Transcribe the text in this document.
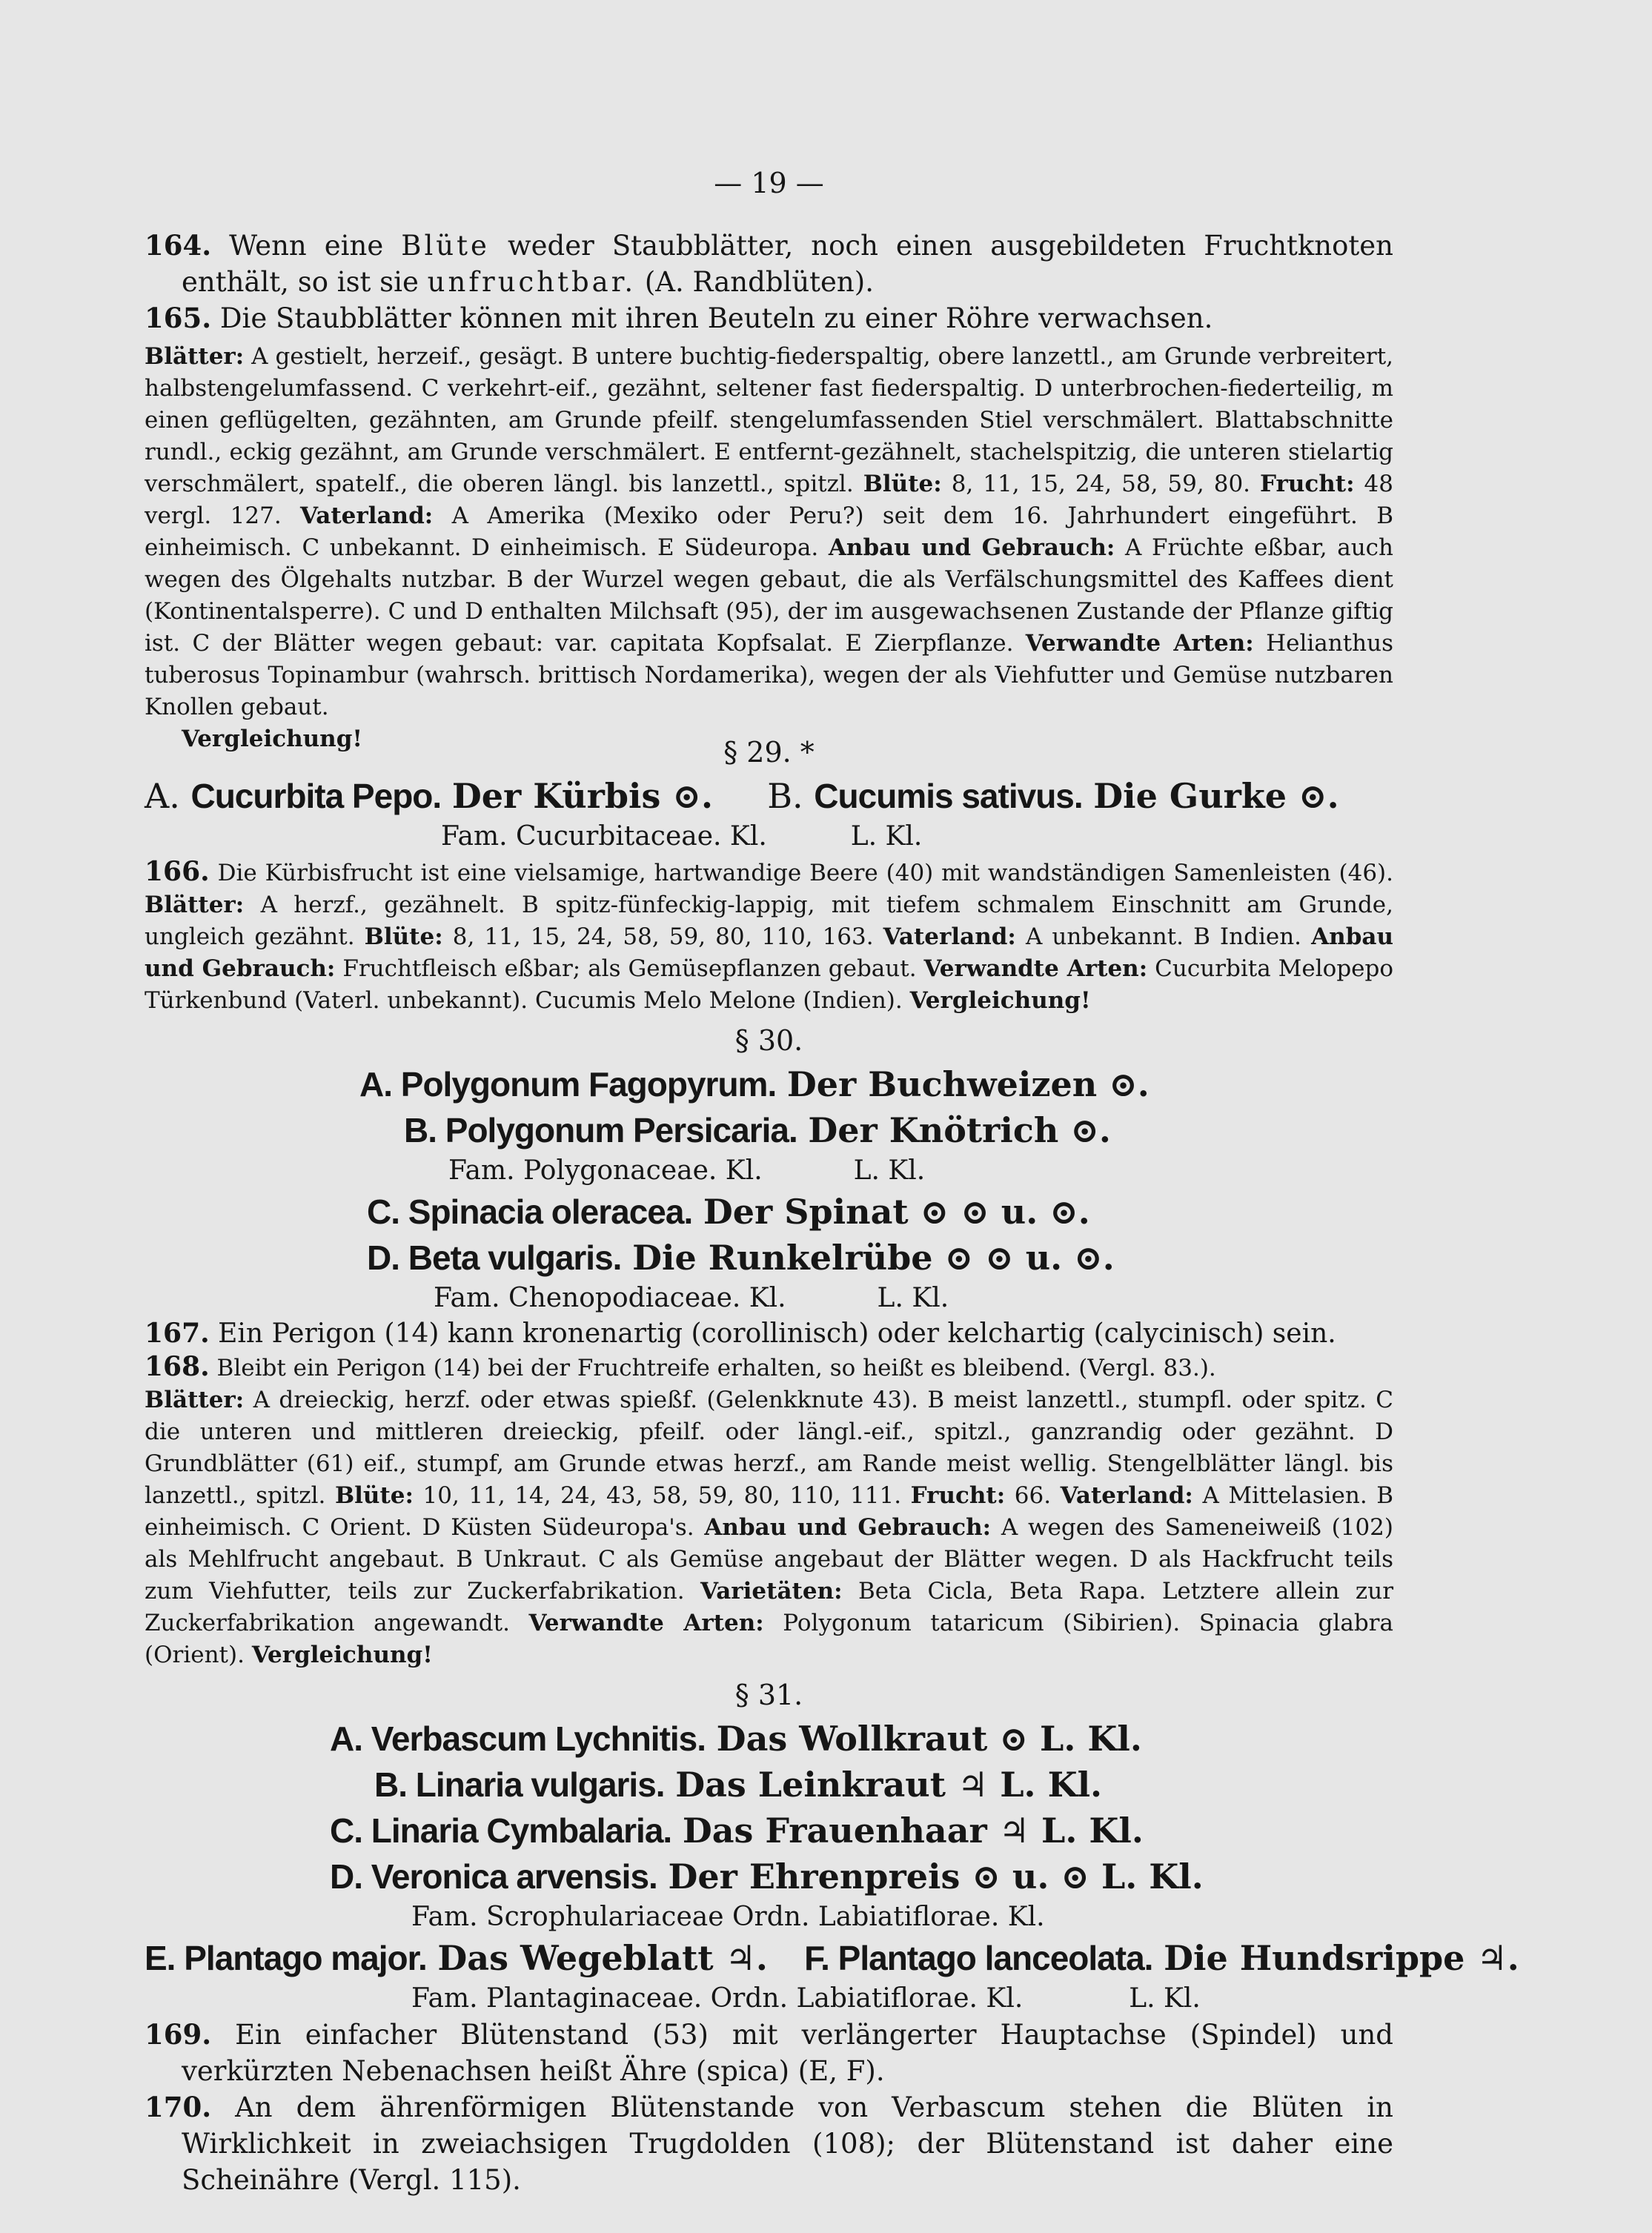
— 19 —

164. Wenn eine Blüte weder Staubblätter, noch einen ausgebildeten Fruchtknoten enthält, so ist sie unfruchtbar. (A. Randblüten).

165. Die Staubblätter können mit ihren Beuteln zu einer Röhre verwachsen.

Blätter: A gestielt, herzeif., gesägt. B untere buchtig-fiederspaltig, obere lanzettl., am Grunde verbreitert, halbstengelumfassend. C verkehrt-eif., gezähnt, seltener fast fiederspaltig. D unterbrochen-fiederteilig, m einen geflügelten, gezähnten, am Grunde pfeilf. stengelumfassenden Stiel verschmälert. Blattabschnitte rundl., eckig gezähnt, am Grunde verschmälert. E entfernt-gezähnelt, stachelspitzig, die unteren stielartig verschmälert, spatelf., die oberen längl. bis lanzettl., spitzl. Blüte: 8, 11, 15, 24, 58, 59, 80. Frucht: 48 vergl. 127. Vaterland: A Amerika (Mexiko oder Peru?) seit dem 16. Jahrhundert eingeführt. B einheimisch. C unbekannt. D einheimisch. E Südeuropa. Anbau und Gebrauch: A Früchte eßbar, auch wegen des Ölgehalts nutzbar. B der Wurzel wegen gebaut, die als Verfälschungsmittel des Kaffees dient (Kontinentalsperre). C und D enthalten Milchsaft (95), der im ausgewachsenen Zustande der Pflanze giftig ist. C der Blätter wegen gebaut: var. capitata Kopfsalat. E Zierpflanze. Verwandte Arten: Helianthus tuberosus Topinambur (wahrsch. brittisch Nordamerika), wegen der als Viehfutter und Gemüse nutzbaren Knollen gebaut.

Vergleichung!	§ 29. *
A. Cucurbita Pepo. Der Kürbis ⊙. B. Cucumis sativus. Die Gurke ⊙.
Fam. Cucurbitaceae. Kl.	L. Kl.

166. Die Kürbisfrucht ist eine vielsamige, hartwandige Beere (40) mit wandständigen Samenleisten (46). Blätter: A herzf., gezähnelt. B spitz-fünfeckig-lappig, mit tiefem schmalem Einschnitt am Grunde, ungleich gezähnt. Blüte: 8, 11, 15, 24, 58, 59, 80, 110, 163. Vaterland: A unbekannt. B Indien. Anbau und Gebrauch: Fruchtfleisch eßbar; als Gemüsepflanzen gebaut. Verwandte Arten: Cucurbita Melopepo Türkenbund (Vaterl. unbekannt). Cucumis Melo Melone (Indien). Vergleichung!

§ 30.
A. Polygonum Fagopyrum. Der Buchweizen ⊙.
B. Polygonum Persicaria. Der Knötrich ⊙.
Fam. Polygonaceae. Kl.	L. Kl.
C. Spinacia oleracea. Der Spinat ⊙ ⊙ u. ⊙.
D. Beta vulgaris. Die Runkelrübe ⊙ ⊙ u. ⊙.
Fam. Chenopodiaceae. Kl.	L. Kl.

167. Ein Perigon (14) kann kronenartig (corollinisch) oder kelchartig (calycinisch) sein.

168. Bleibt ein Perigon (14) bei der Fruchtreife erhalten, so heißt es bleibend. (Vergl. 83.).

Blätter: A dreieckig, herzf. oder etwas spießf. (Gelenkknute 43). B meist lanzettl., stumpfl. oder spitz. C die unteren und mittleren dreieckig, pfeilf. oder längl.-eif., spitzl., ganzrandig oder gezähnt. D Grundblätter (61) eif., stumpf, am Grunde etwas herzf., am Rande meist wellig. Stengelblätter längl. bis lanzettl., spitzl. Blüte: 10, 11, 14, 24, 43, 58, 59, 80, 110, 111. Frucht: 66. Vaterland: A Mittelasien. B einheimisch. C Orient. D Küsten Südeuropa's. Anbau und Gebrauch: A wegen des Sameneiweiß (102) als Mehlfrucht angebaut. B Unkraut. C als Gemüse angebaut der Blätter wegen. D als Hackfrucht teils zum Viehfutter, teils zur Zuckerfabrikation. Varietäten: Beta Cicla, Beta Rapa. Letztere allein zur Zuckerfabrikation angewandt. Verwandte Arten: Polygonum tataricum (Sibirien). Spinacia glabra (Orient). Vergleichung!

§ 31.
A. Verbascum Lychnitis. Das Wollkraut ⊙ L. Kl.
B. Linaria vulgaris. Das Leinkraut ♃ L. Kl.
C. Linaria Cymbalaria. Das Frauenhaar ♃ L. Kl.
D. Veronica arvensis. Der Ehrenpreis ⊙ u. ⊙ L. Kl.
Fam. Scrophulariaceae Ordn. Labiatiflorae. Kl.
E. Plantago major. Das Wegeblatt ♃. F. Plantago lanceolata. Die Hundsrippe ♃.
Fam. Plantaginaceae. Ordn. Labiatiflorae. Kl.	L. Kl.

169. Ein einfacher Blütenstand (53) mit verlängerter Hauptachse (Spindel) und verkürzten Nebenachsen heißt Ähre (spica) (E, F).

170. An dem ährenförmigen Blütenstande von Verbascum stehen die Blüten in Wirklichkeit in zweiachsigen Trugdolden (108); der Blütenstand ist daher eine Scheinähre (Vergl. 115).
